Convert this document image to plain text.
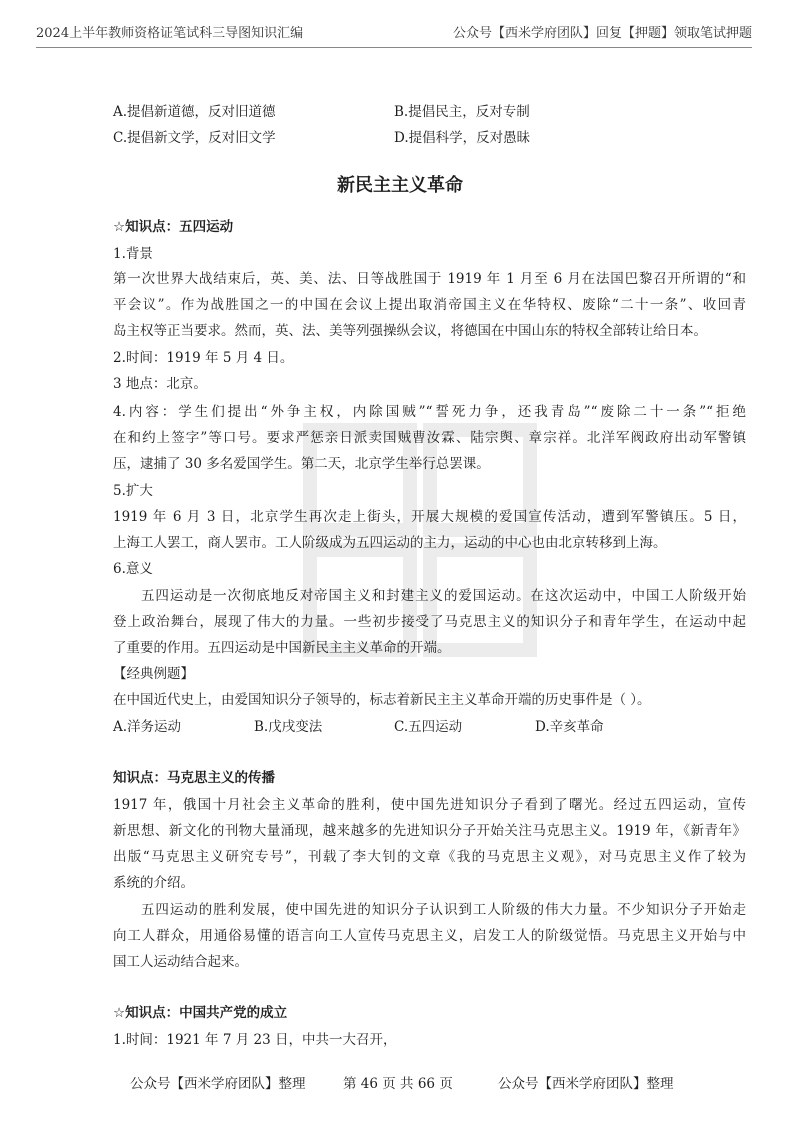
2024上半年教师资格证笔试科三导图知识汇编	公众号【西米学府团队】回复【押题】领取笔试押题
A.提倡新道德，反对旧道德	B.提倡民主，反对专制
C.提倡新文学，反对旧文学	D.提倡科学，反对愚昧
新民主主义革命
☆知识点：五四运动
1.背景
第一次世界大战结束后，英、美、法、日等战胜国于 1919 年 1 月至 6 月在法国巴黎召开所谓的“和
平会议”。作为战胜国之一的中国在会议上提出取消帝国主义在华特权、废除“二十一条”、收回青
岛主权等正当要求。然而，英、法、美等列强操纵会议，将德国在中国山东的特权全部转让给日本。
2.时间：1919 年 5 月 4 日。
3 地点：北京。
4.内容：学生们提出“外争主权，内除国贼”“誓死力争，还我青岛”“废除二十一条”“拒绝
在和约上签字”等口号。要求严惩亲日派卖国贼曹汝霖、陆宗舆、章宗祥。北洋军阀政府出动军警镇
压，逮捕了 30 多名爱国学生。第二天，北京学生举行总罢课。
5.扩大
1919 年 6 月 3 日，北京学生再次走上街头，开展大规模的爱国宣传活动，遭到军警镇压。5 日，
上海工人罢工，商人罢市。工人阶级成为五四运动的主力，运动的中心也由北京转移到上海。
6.意义
五四运动是一次彻底地反对帝国主义和封建主义的爱国运动。在这次运动中，中国工人阶级开始
登上政治舞台，展现了伟大的力量。一些初步接受了马克思主义的知识分子和青年学生，在运动中起
了重要的作用。五四运动是中国新民主主义革命的开端。
【经典例题】
在中国近代史上，由爱国知识分子领导的，标志着新民主主义革命开端的历史事件是（ ）。
A.洋务运动	B.戊戌变法	C.五四运动	D.辛亥革命
知识点：马克思主义的传播
1917 年，俄国十月社会主义革命的胜利，使中国先进知识分子看到了曙光。经过五四运动，宣传
新思想、新文化的刊物大量涌现，越来越多的先进知识分子开始关注马克思主义。1919 年，《新青年》
出版“马克思主义研究专号”，刊载了李大钊的文章《我的马克思主义观》，对马克思主义作了较为
系统的介绍。
五四运动的胜利发展，使中国先进的知识分子认识到工人阶级的伟大力量。不少知识分子开始走
向工人群众，用通俗易懂的语言向工人宣传马克思主义，启发工人的阶级觉悟。马克思主义开始与中
国工人运动结合起来。
☆知识点：中国共产党的成立
1.时间：1921 年 7 月 23 日，中共一大召开，
公众号【西米学府团队】整理	第 46 页 共 66 页	公众号【西米学府团队】整理
